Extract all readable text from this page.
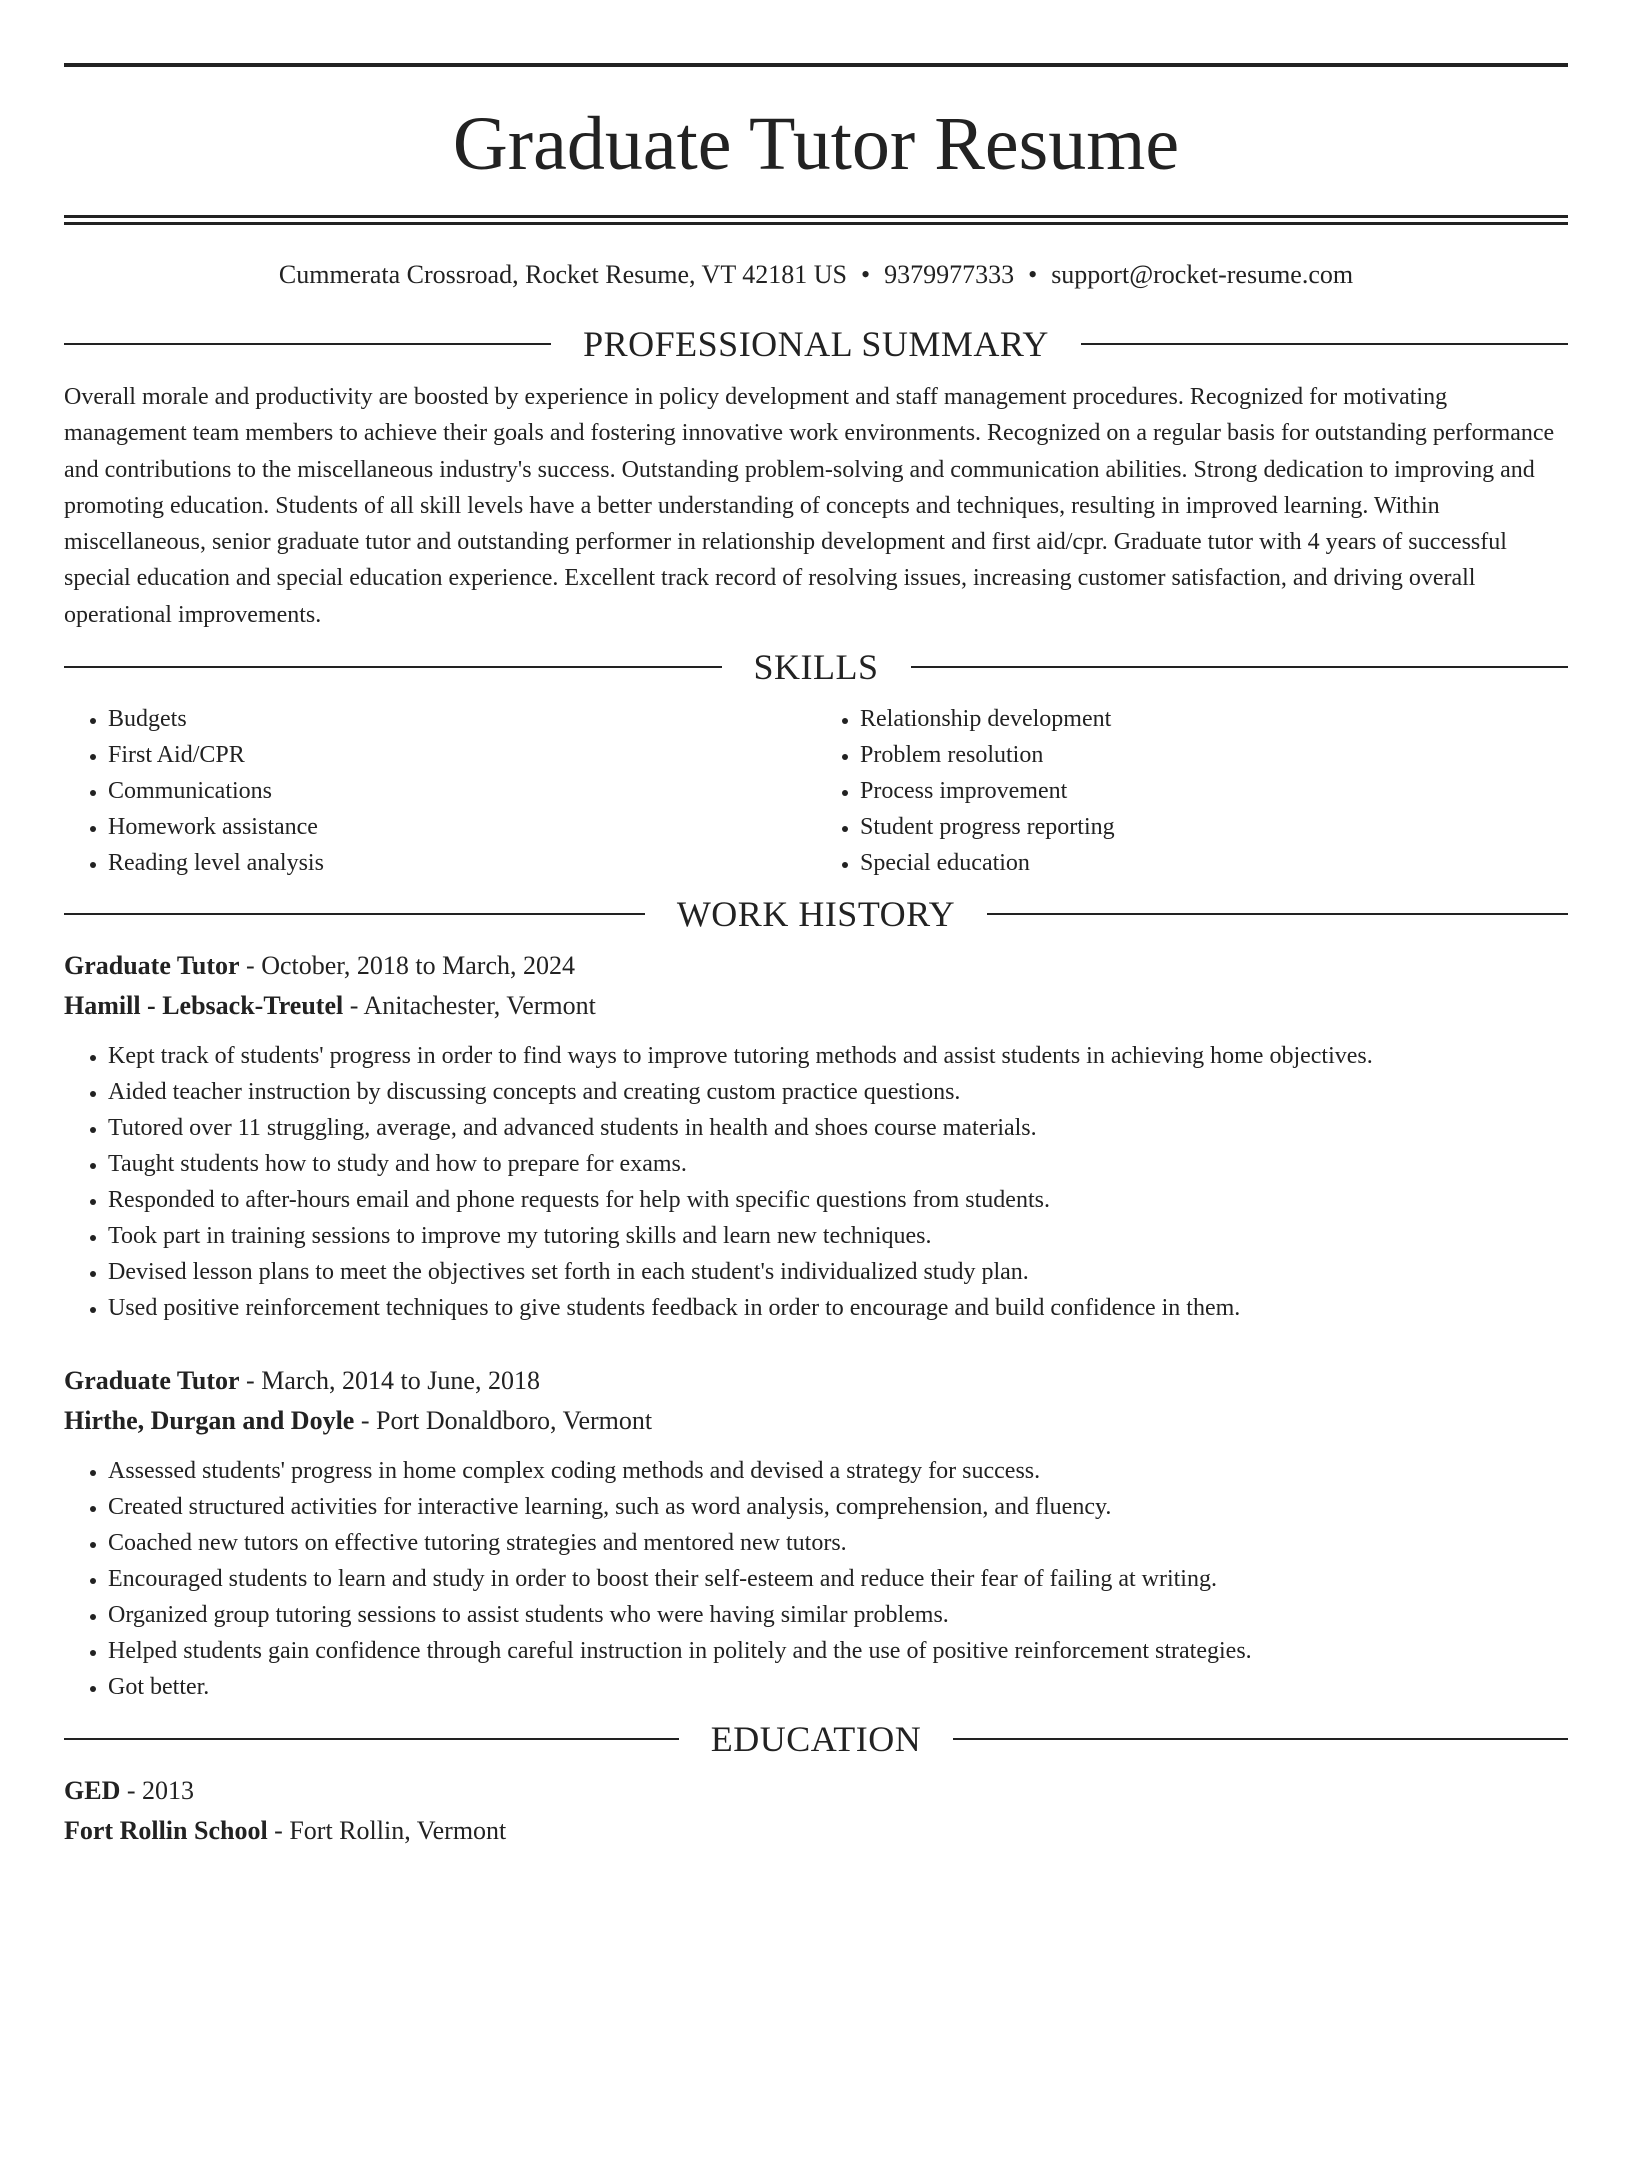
Graduate Tutor Resume
Cummerata Crossroad, Rocket Resume, VT 42181 US • 9379977333 • support@rocket-resume.com
PROFESSIONAL SUMMARY

Overall morale and productivity are boosted by experience in policy development and staff management procedures. Recognized for motivating management team members to achieve their goals and fostering innovative work environments. Recognized on a regular basis for outstanding performance and contributions to the miscellaneous industry's success. Outstanding problem-solving and communication abilities. Strong dedication to improving and promoting education. Students of all skill levels have a better understanding of concepts and techniques, resulting in improved learning. Within miscellaneous, senior graduate tutor and outstanding performer in relationship development and first aid/cpr. Graduate tutor with 4 years of successful special education and special education experience. Excellent track record of resolving issues, increasing customer satisfaction, and driving overall operational improvements.

SKILLS
• Budgets
• First Aid/CPR
• Communications
• Homework assistance
• Reading level analysis
• Relationship development
• Problem resolution
• Process improvement
• Student progress reporting
• Special education
WORK HISTORY
Graduate Tutor - October, 2018 to March, 2024
Hamill - Lebsack-Treutel - Anitachester, Vermont
• Kept track of students' progress in order to find ways to improve tutoring methods and assist students in achieving home objectives.
• Aided teacher instruction by discussing concepts and creating custom practice questions.
• Tutored over 11 struggling, average, and advanced students in health and shoes course materials.
• Taught students how to study and how to prepare for exams.
• Responded to after-hours email and phone requests for help with specific questions from students.
• Took part in training sessions to improve my tutoring skills and learn new techniques.
• Devised lesson plans to meet the objectives set forth in each student's individualized study plan.
• Used positive reinforcement techniques to give students feedback in order to encourage and build confidence in them.
Graduate Tutor - March, 2014 to June, 2018
Hirthe, Durgan and Doyle - Port Donaldboro, Vermont
• Assessed students' progress in home complex coding methods and devised a strategy for success.
• Created structured activities for interactive learning, such as word analysis, comprehension, and fluency.
• Coached new tutors on effective tutoring strategies and mentored new tutors.
• Encouraged students to learn and study in order to boost their self-esteem and reduce their fear of failing at writing.
• Organized group tutoring sessions to assist students who were having similar problems.
• Helped students gain confidence through careful instruction in politely and the use of positive reinforcement strategies.
• Got better.
EDUCATION
GED - 2013
Fort Rollin School - Fort Rollin, Vermont
